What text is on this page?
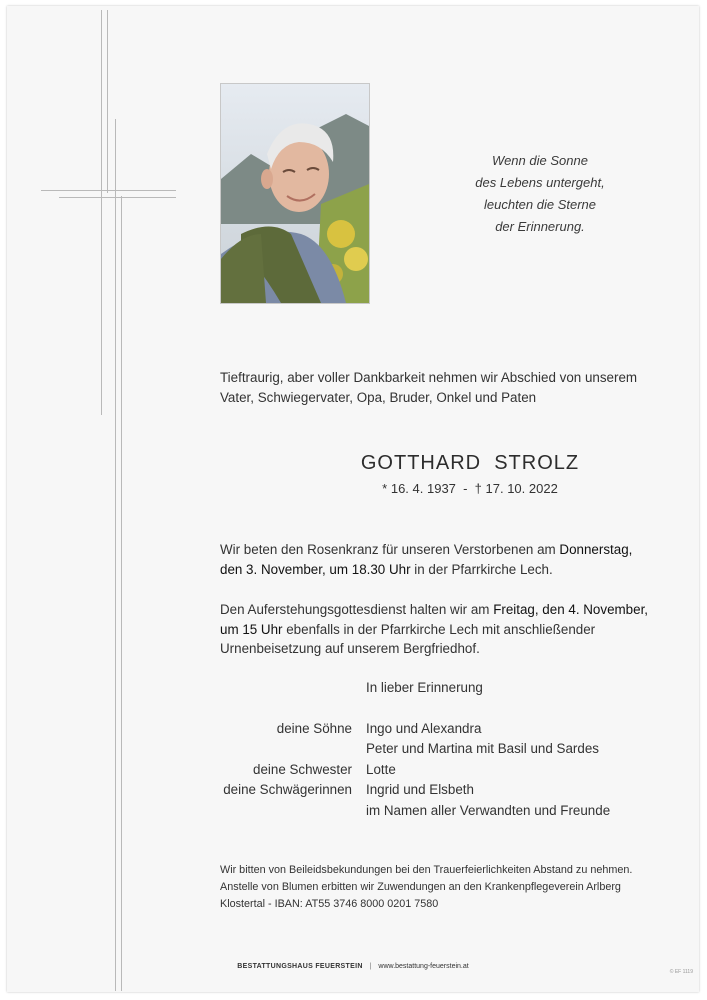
Wenn die Sonne
des Lebens untergeht,
leuchten die Sterne
der Erinnerung.
Tieftraurig, aber voller Dankbarkeit nehmen wir Abschied von unserem
Vater, Schwiegervater, Opa, Bruder, Onkel und Paten
GOTTHARD  STROLZ
* 16. 4. 1937  -  † 17. 10. 2022
Wir beten den Rosenkranz für unseren Verstorbenen am Donnerstag,
den 3. November, um 18.30 Uhr in der Pfarrkirche Lech.
Den Auferstehungsgottesdienst halten wir am Freitag, den 4. November,
um 15 Uhr ebenfalls in der Pfarrkirche Lech mit anschließender
Urnenbeisetzung auf unserem Bergfriedhof.
In lieber Erinnerung
deine Söhne Ingo und Alexandra
Peter und Martina mit Basil und Sardes
deine Schwester Lotte
deine Schwägerinnen Ingrid und Elsbeth
im Namen aller Verwandten und Freunde
Wir bitten von Beileidsbekundungen bei den Trauerfeierlichkeiten Abstand zu nehmen.
Anstelle von Blumen erbitten wir Zuwendungen an den Krankenpflegeverein Arlberg
Klostertal - IBAN: AT55 3746 8000 0201 7580
BESTATTUNGSHAUS FEUERSTEIN | www.bestattung-feuerstein.at
© EF 1119
